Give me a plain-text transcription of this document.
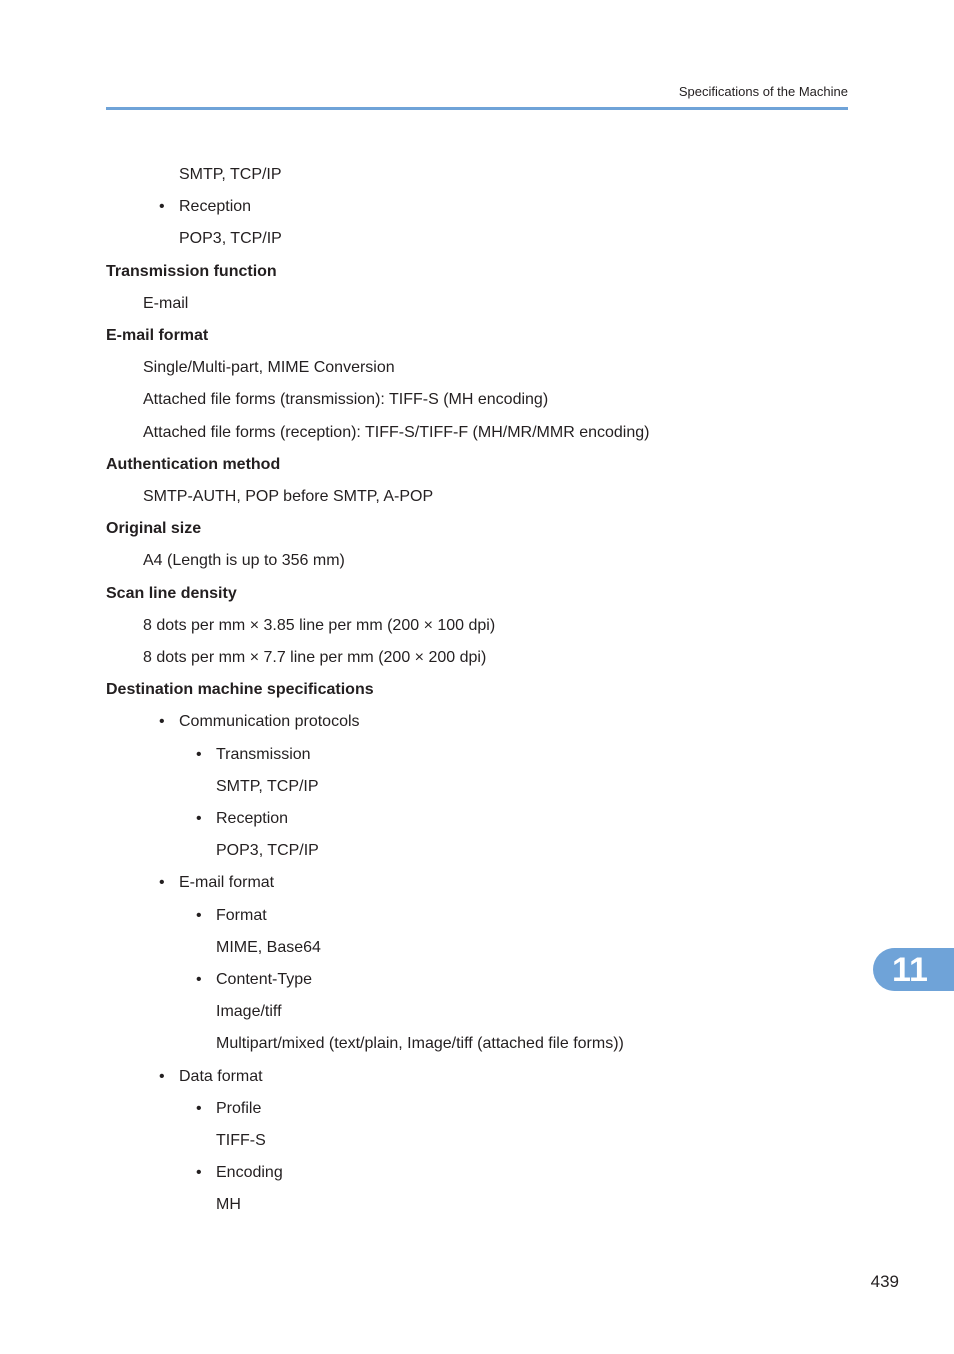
Specifications of the Machine
SMTP, TCP/IP
• Reception
POP3, TCP/IP
Transmission function
E-mail
E-mail format
Single/Multi-part, MIME Conversion
Attached file forms (transmission): TIFF-S (MH encoding)
Attached file forms (reception): TIFF-S/TIFF-F (MH/MR/MMR encoding)
Authentication method
SMTP-AUTH, POP before SMTP, A-POP
Original size
A4 (Length is up to 356 mm)
Scan line density
8 dots per mm × 3.85 line per mm (200 × 100 dpi)
8 dots per mm × 7.7 line per mm (200 × 200 dpi)
Destination machine specifications
• Communication protocols
• Transmission
SMTP, TCP/IP
• Reception
POP3, TCP/IP
• E-mail format
• Format
MIME, Base64
• Content-Type
Image/tiff
Multipart/mixed (text/plain, Image/tiff (attached file forms))
• Data format
• Profile
TIFF-S
• Encoding
MH
11
439
